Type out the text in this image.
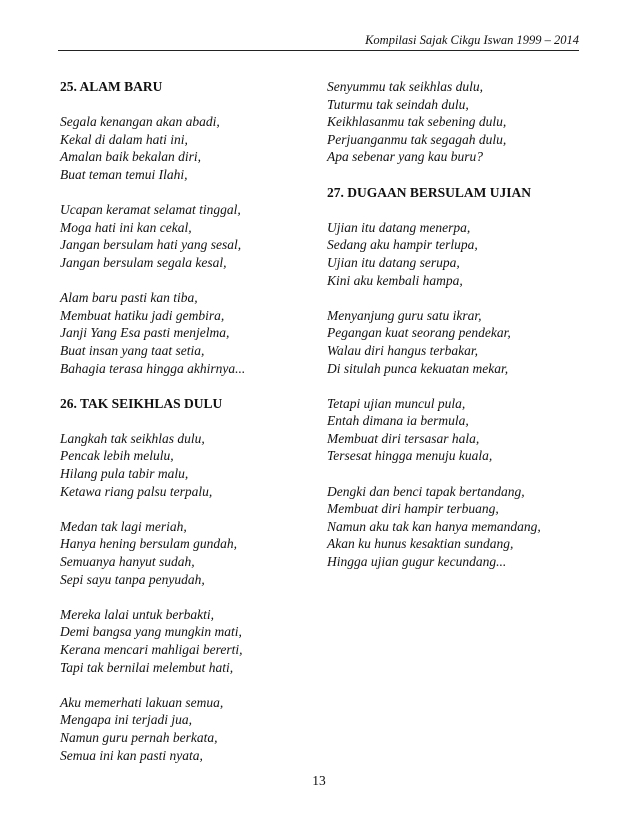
Kompilasi Sajak Cikgu Iswan 1999 – 2014
25. ALAM BARU
Segala kenangan akan abadi,
Kekal di dalam hati ini,
Amalan baik bekalan diri,
Buat teman temui Ilahi,
Ucapan keramat selamat tinggal,
Moga hati ini kan cekal,
Jangan bersulam hati yang sesal,
Jangan bersulam segala kesal,
Alam baru pasti kan tiba,
Membuat hatiku jadi gembira,
Janji Yang Esa pasti menjelma,
Buat insan yang taat setia,
Bahagia terasa hingga akhirnya...
26. TAK SEIKHLAS DULU
Langkah tak seikhlas dulu,
Pencak lebih melulu,
Hilang pula tabir malu,
Ketawa riang palsu terpalu,
Medan tak lagi meriah,
Hanya hening bersulam gundah,
Semuanya hanyut sudah,
Sepi sayu tanpa penyudah,
Mereka lalai untuk berbakti,
Demi bangsa yang mungkin mati,
Kerana mencari mahligai bererti,
Tapi tak bernilai melembut hati,
Aku memerhati lakuan semua,
Mengapa ini terjadi jua,
Namun guru pernah berkata,
Semua ini kan pasti nyata,
Senyummu tak seikhlas dulu,
Tuturmu tak seindah dulu,
Keikhlasanmu tak sebening dulu,
Perjuanganmu tak segagah dulu,
Apa sebenar yang kau buru?
27. DUGAAN BERSULAM UJIAN
Ujian itu datang menerpa,
Sedang aku hampir terlupa,
Ujian itu datang serupa,
Kini aku kembali hampa,
Menyanjung guru satu ikrar,
Pegangan kuat seorang pendekar,
Walau diri hangus terbakar,
Di situlah punca kekuatan mekar,
Tetapi ujian muncul pula,
Entah dimana ia bermula,
Membuat diri tersasar hala,
Tersesat hingga menuju kuala,
Dengki dan benci tapak bertandang,
Membuat diri hampir terbuang,
Namun aku tak kan hanya memandang,
Akan ku hunus kesaktian sundang,
Hingga ujian gugur kecundang...
13
